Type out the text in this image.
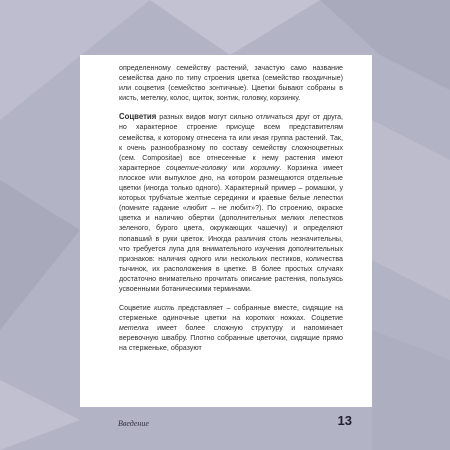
определенному семейству растений, зачастую само название семейства дано по типу строения цветка (семейство гвоздичные) или соцветия (семейство зонтичные). Цветки бывают собраны в кисть, метелку, колос, щиток, зонтик, головку, корзинку.

Соцветия разных видов могут сильно отличаться друг от друга, но характерное строение присуще всем представителям семейства, к которому отнесена та или иная группа растений. Так, к очень разнообразному по составу семейству сложноцветных (сем. Compositae) все отнесенные к нему растения имеют характерное соцветие-головку или корзинку. Корзинка имеет плоское или выпуклое дно, на котором размещаются отдельные цветки (иногда только одного). Характерный пример – ромашки, у которых трубчатые желтые серединки и краевые белые лепестки (помните гадание «любит – не любит»?). По строению, окраске цветка и наличию обертки (дополнительных мелких лепестков зеленого, бурого цвета, окружающих чашечку) и определяют попавший в руки цветок. Иногда различия столь незначительны, что требуется лупа для внимательного изучения дополнительных признаков: наличия одного или нескольких пестиков, количества тычинок, их расположения в цветке. В более простых случаях достаточно внимательно прочитать описание растения, пользуясь усвоенными ботаническими терминами.

Соцветие кисть представляет – собранные вместе, сидящие на стерженьке одиночные цветки на коротких ножках. Соцветие метелка имеет более сложную структуру и напоминает веревочную швабру. Плотно собранные цветочки, сидящие прямо на стерженьке, образуют

Введение	13
